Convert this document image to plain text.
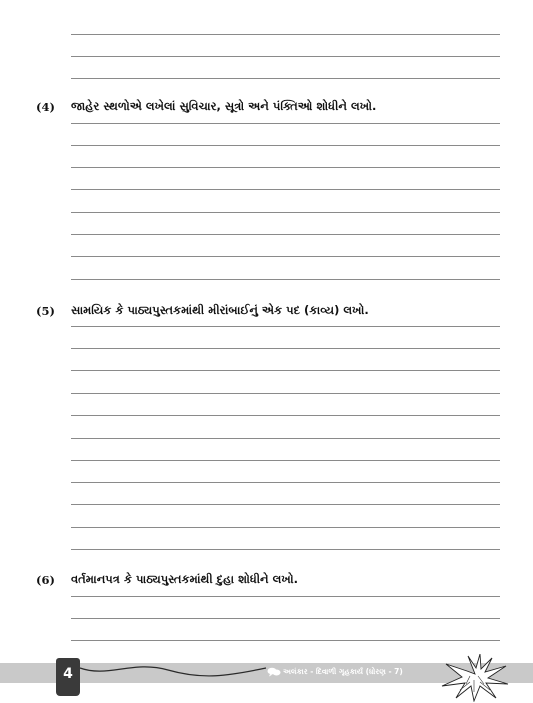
(4) જાહેર સ્થળોએ લખેલાં સુવિચાર, સૂત્રો અને પંક્તિઓ શોધીને લખો.
(5) સામયિક કે પાઠ્યપુસ્તકમાંથી મીરાંબાઈનું એક પદ (કાવ્ય) લખો.
(6) વર્તમાનપત્ર કે પાઠ્યપુસ્તકમાંથી દુહા શોધીને લખો.
4	અલંકાર - દિવાળી ગૃહકાર્ય (ધોરણ - 7)
